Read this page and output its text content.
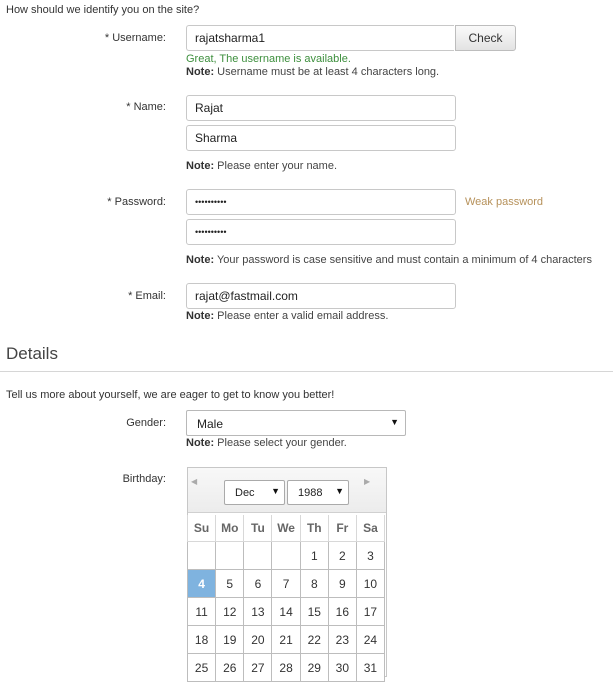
How should we identify you on the site?
* Username:
rajatsharma1	Check
Great, The username is available.
Note: Username must be at least 4 characters long.
* Name:
Rajat
Sharma
Note: Please enter your name.
* Password:
••••••••••
••••••••••	Weak password
Note: Your password is case sensitive and must contain a minimum of 4 characters
* Email:
rajat@fastmail.com
Note: Please enter a valid email address.
Details
Tell us more about yourself, we are eager to get to know you better!
Gender:	Male	▼
Note: Please select your gender.
Birthday:	◀
Dec ▼ 1988 ▼
▶
Su	Mo	Tu	We	Th	Fr	Sa
				1	2	3
4	5	6	7	8	9	10
11	12	13	14	15	16	17
18	19	20	21	22	23	24
25	26	27	28	29	30	31
